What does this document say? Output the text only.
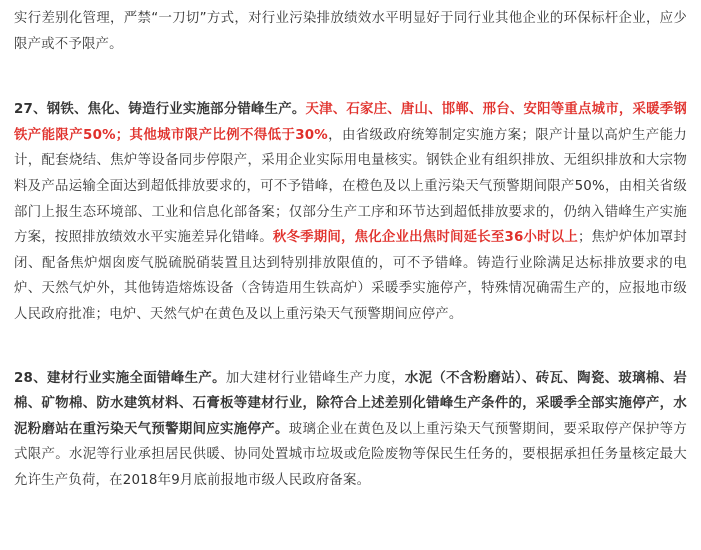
实行差别化管理，严禁“一刀切”方式，对行业污染排放绩效水平明显好于同行业其他企业的环保标杆企业，应少限产或不予限产。

27、钢铁、焦化、铸造行业实施部分错峰生产。天津、石家庄、唐山、邯郸、邢台、安阳等重点城市，采暖季钢铁产能限产50%；其他城市限产比例不得低于30%，由省级政府统筹制定实施方案；限产计量以高炉生产能力计，配套烧结、焦炉等设备同步停限产，采用企业实际用电量核实。钢铁企业有组织排放、无组织排放和大宗物料及产品运输全面达到超低排放要求的，可不予错峰，在橙色及以上重污染天气预警期间限产50%，由相关省级部门上报生态环境部、工业和信息化部备案；仅部分生产工序和环节达到超低排放要求的，仍纳入错峰生产实施方案，按照排放绩效水平实施差异化错峰。秋冬季期间，焦化企业出焦时间延长至36小时以上；焦炉炉体加罩封闭、配备焦炉烟囱废气脱硫脱硝装置且达到特别排放限值的，可不予错峰。铸造行业除满足达标排放要求的电炉、天然气炉外，其他铸造熔炼设备（含铸造用生铁高炉）采暖季实施停产，特殊情况确需生产的，应报地市级人民政府批准；电炉、天然气炉在黄色及以上重污染天气预警期间应停产。

28、建材行业实施全面错峰生产。加大建材行业错峰生产力度，水泥（不含粉磨站）、砖瓦、陶瓷、玻璃棉、岩棉、矿物棉、防水建筑材料、石膏板等建材行业，除符合上述差别化错峰生产条件的，采暖季全部实施停产，水泥粉磨站在重污染天气预警期间应实施停产。玻璃企业在黄色及以上重污染天气预警期间，要采取停产保护等方式限产。水泥等行业承担居民供暖、协同处置城市垃圾或危险废物等保民生任务的，要根据承担任务量核定最大允许生产负荷，在2018年9月底前报地市级人民政府备案。
